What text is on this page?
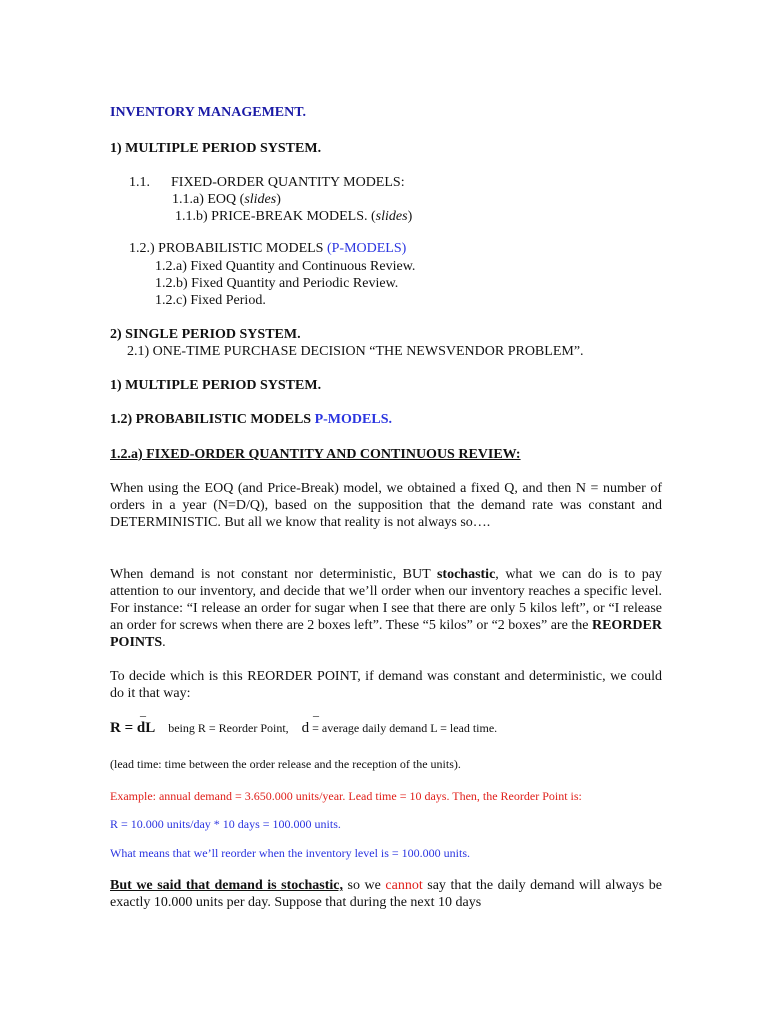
INVENTORY MANAGEMENT.
1) MULTIPLE PERIOD SYSTEM.
1.1.      FIXED-ORDER QUANTITY MODELS:
1.1.a) EOQ (slides)
1.1.b) PRICE-BREAK MODELS. (slides)
1.2.) PROBABILISTIC MODELS (P-MODELS)
1.2.a) Fixed Quantity and Continuous Review.
1.2.b) Fixed Quantity and Periodic Review.
1.2.c) Fixed Period.
2) SINGLE PERIOD SYSTEM.
2.1) ONE-TIME PURCHASE DECISION “THE NEWSVENDOR PROBLEM”.
1) MULTIPLE PERIOD SYSTEM.
1.2) PROBABILISTIC MODELS P-MODELS.
1.2.a) FIXED-ORDER QUANTITY AND CONTINUOUS REVIEW:
When using the EOQ (and Price-Break) model, we obtained a fixed Q, and then N = number of orders in a year (N=D/Q), based on the supposition that the demand rate was constant and DETERMINISTIC. But all we know that reality is not always so….
When demand is not constant nor deterministic, BUT stochastic, what we can do is to pay attention to our inventory, and decide that we’ll order when our inventory reaches a specific level. For instance: “I release an order for sugar when I see that there are only 5 kilos left”, or “I release an order for screws when there are 2 boxes left”. These “5 kilos” or “2 boxes” are the REORDER POINTS.
To decide which is this REORDER POINT, if demand was constant and deterministic, we could do it that way:
_	_
R = dL being R = Reorder Point, d = average daily demand L = lead time.
(lead time: time between the order release and the reception of the units).
Example: annual demand = 3.650.000 units/year. Lead time = 10 days. Then, the Reorder Point is:
R = 10.000 units/day * 10 days = 100.000 units.
What means that we’ll reorder when the inventory level is = 100.000 units.
But we said that demand is stochastic, so we cannot say that the daily demand will always be exactly 10.000 units per day. Suppose that during the next 10 days
